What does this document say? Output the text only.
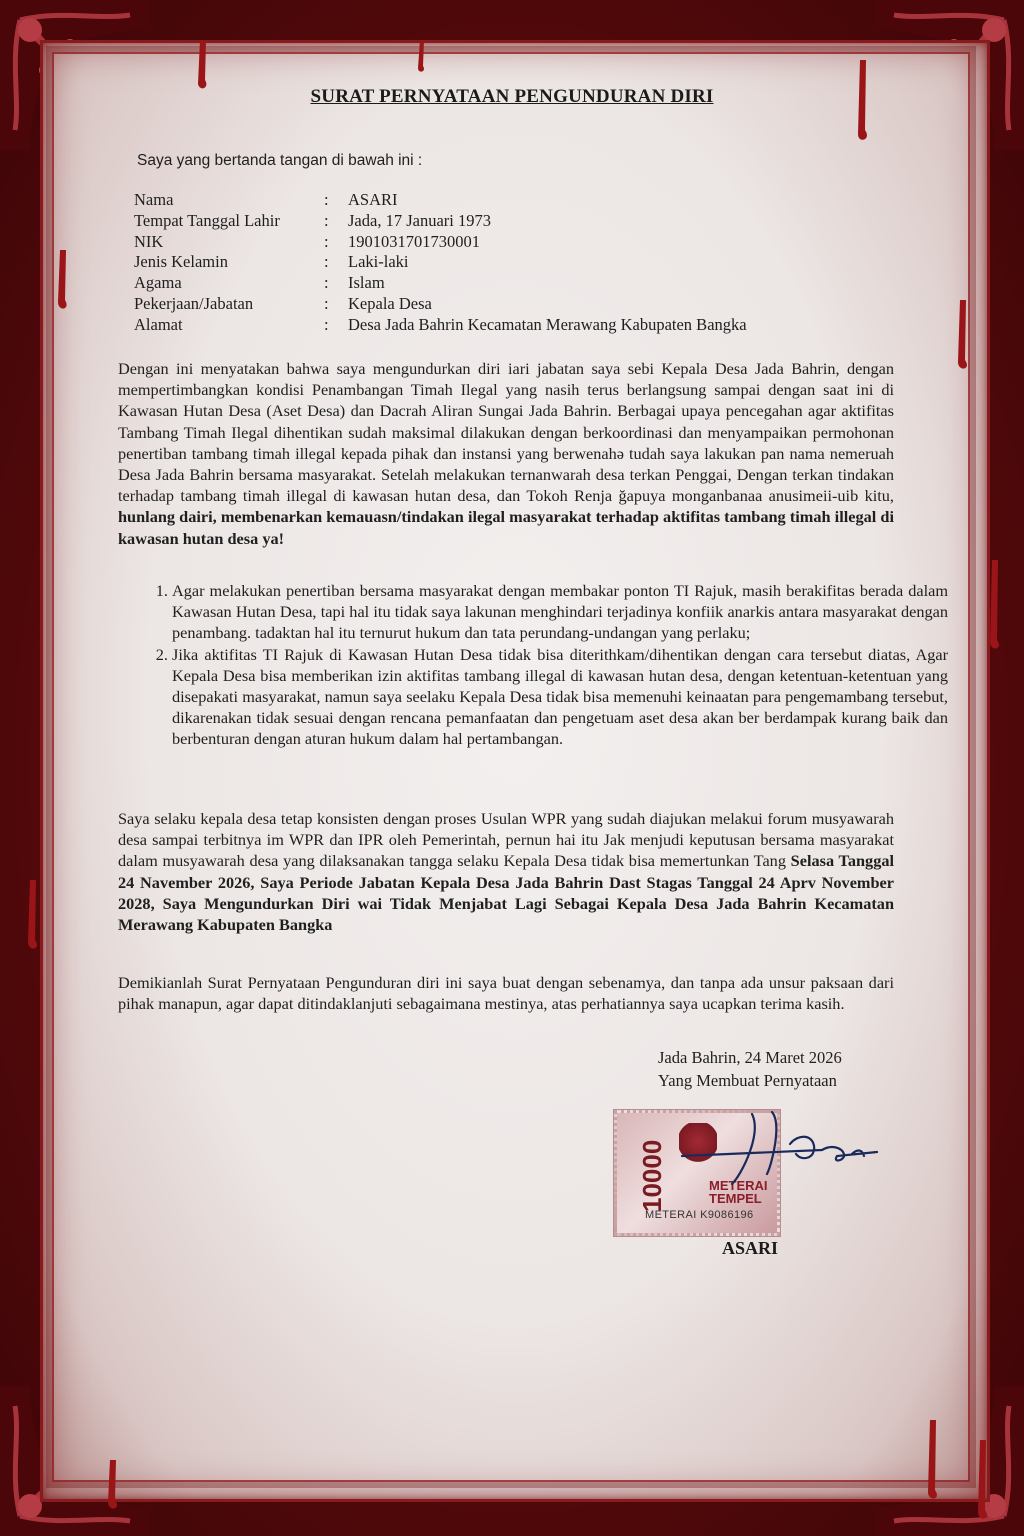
SURAT PERNYATAAN PENGUNDURAN DIRI
Saya yang bertanda tangan di bawah ini :
Nama	: ASARI
Tempat Tanggal Lahir	: Jada, 17 Januari 1973
NIK	: 1901031701730001
Jenis Kelamin	: Laki-laki
Agama	: Islam
Pekerjaan/Jabatan	: Kepala Desa
Alamat	: Desa Jada Bahrin Kecamatan Merawang Kabupaten Bangka

Dengan ini menyatakan bahwa saya mengundurkan diri iari jabatan saya sebi Kepala Desa Jada Bahrin, dengan mempertimbangkan kondisi Penambangan Timah Ilegal yang nasih terus berlangsung sampai dengan saat ini di Kawasan Hutan Desa (Aset Desa) dan Dacrah Aliran Sungai Jada Bahrin. Berbagai upaya pencegahan agar aktifitas Tambang Timah Ilegal dihentikan sudah maksimal dilakukan dengan berkoordinasi dan menyampaikan permohonan penertiban tambang timah illegal kepada pihak dan instansi yang berwenahə tudah saya lakukan pan nama nemeruah Desa Jada Bahrin bersama masyarakat. Setelah melakukan ternanwarah desa terkan Penggai, Dengan terkan tindakan terhadap tambang timah illegal di kawasan hutan desa, dan Tokoh Renja ğapuya monganbanaa anusimeii-uib kitu, hunlang dairi, membenarkan kemauasn/tindakan ilegal masyarakat terhadap aktifitas tambang timah illegal di kawasan hutan desa ya!

1. Agar melakukan penertiban bersama masyarakat dengan membakar ponton TI Rajuk, masih berakifitas berada dalam Kawasan Hutan Desa, tapi hal itu tidak saya lakunan menghindari terjadinya konfiik anarkis antara masyarakat dengan penambang. tadaktan hal itu ternurut hukum dan tata perundang-undangan yang perlaku;
2. Jika aktifitas TI Rajuk di Kawasan Hutan Desa tidak bisa diterithkam/dihentikan dengan cara tersebut diatas, Agar Kepala Desa bisa memberikan izin aktifitas tambang illegal di kawasan hutan desa, dengan ketentuan-ketentuan yang disepakati masyarakat, namun saya seelaku Kepala Desa tidak bisa memenuhi keinaatan para pengemambang tersebut, dikarenakan tidak sesuai dengan rencana pemanfaatan dan pengetuam aset desa akan ber berdampak kurang baik dan berbenturan dengan aturan hukum dalam hal pertambangan.

Saya selaku kepala desa tetap konsisten dengan proses Usulan WPR yang sudah diajukan melakui forum musyawarah desa sampai terbitnya im WPR dan IPR oleh Pemerintah, pernun hai itu Jak menjudi keputusan bersama masyarakat dalam musyawarah desa yang dilaksanakan tangga selaku Kepala Desa tidak bisa memertunkan Tang Selasa Tanggal 24 Navember 2026, Saya Periode Jabatan Kepala Desa Jada Bahrin Dast Stagas Tanggal 24 Aprv November 2028, Saya Mengundurkan Diri wai Tidak Menjabat Lagi Sebagai Kepala Desa Jada Bahrin Kecamatan Merawang Kabupaten Bangka

Demikianlah Surat Pernyataan Pengunduran diri ini saya buat dengan sebenamya, dan tanpa ada unsur paksaan dari pihak manapun, agar dapat ditindaklanjuti sebagaimana mestinya, atas perhatiannya saya ucapkan terima kasih.

Jada Bahrin, 24 Maret 2026
Yang Membuat Pernyataan
10000	METERAI TEMPEL
METERAI K9086196
ASARI
